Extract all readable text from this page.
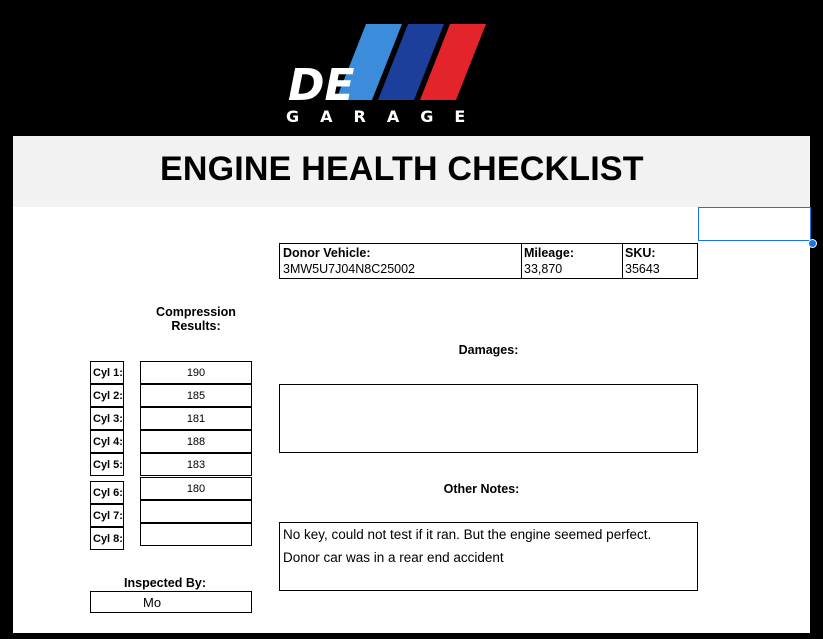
DE
GARAGE
ENGINE HEALTH CHECKLIST
Donor Vehicle:
3MW5U7J04N8C25002
Mileage:
33,870
SKU:
35643
Compression
Results:
Cyl 1:	190
Cyl 2:	185
Cyl 3:	181
Cyl 4:	188
Cyl 5:	183
Cyl 6:	180
Cyl 7:
Cyl 8:
Damages:
Other Notes:
No key, could not test if it ran. But the engine seemed perfect.
Donor car was in a rear end accident
Inspected By:
Mo
